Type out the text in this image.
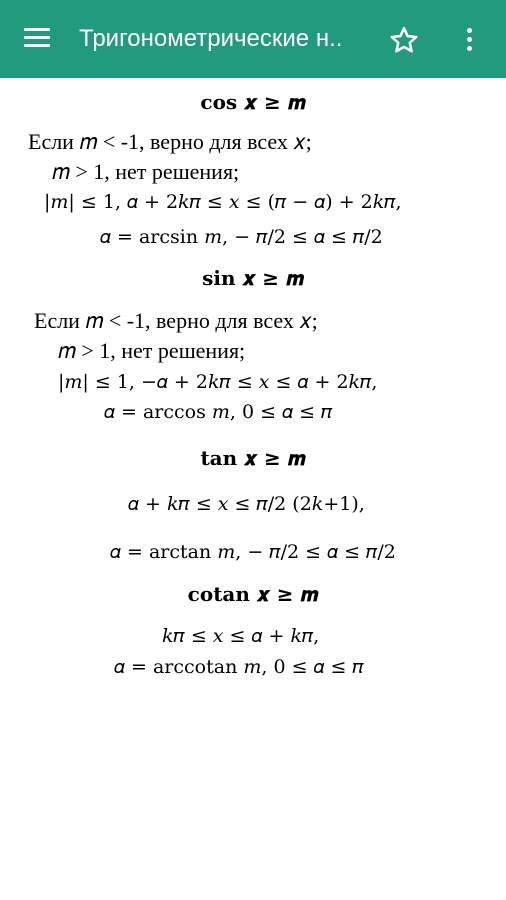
Тригонометрические н..
cos 𝒙 ≥ 𝒎
Если 𝑚 < -1, верно для всех 𝑥;
𝑚 > 1, нет решения;
|𝑚| ≤ 1, 𝛼 + 2𝑘𝜋 ≤ 𝑥 ≤ (𝜋 − 𝛼) + 2𝑘𝜋,
𝛼 = arcsin 𝑚, − 𝜋/2 ≤ 𝛼 ≤ 𝜋/2
sin 𝒙 ≥ 𝒎
Если 𝑚 < -1, верно для всех 𝑥;
𝑚 > 1, нет решения;
|𝑚| ≤ 1, −𝛼 + 2𝑘𝜋 ≤ 𝑥 ≤ 𝛼 + 2𝑘𝜋,
𝛼 = arccos 𝑚, 0 ≤ 𝛼 ≤ 𝜋
tan 𝒙 ≥ 𝒎
𝛼 + 𝑘𝜋 ≤ 𝑥 ≤ 𝜋/2 (2𝑘+1),
𝛼 = arctan 𝑚, − 𝜋/2 ≤ 𝛼 ≤ 𝜋/2
cotan 𝒙 ≥ 𝒎
𝑘𝜋 ≤ 𝑥 ≤ 𝛼 + 𝑘𝜋,
𝛼 = arccotan 𝑚, 0 ≤ 𝛼 ≤ 𝜋
